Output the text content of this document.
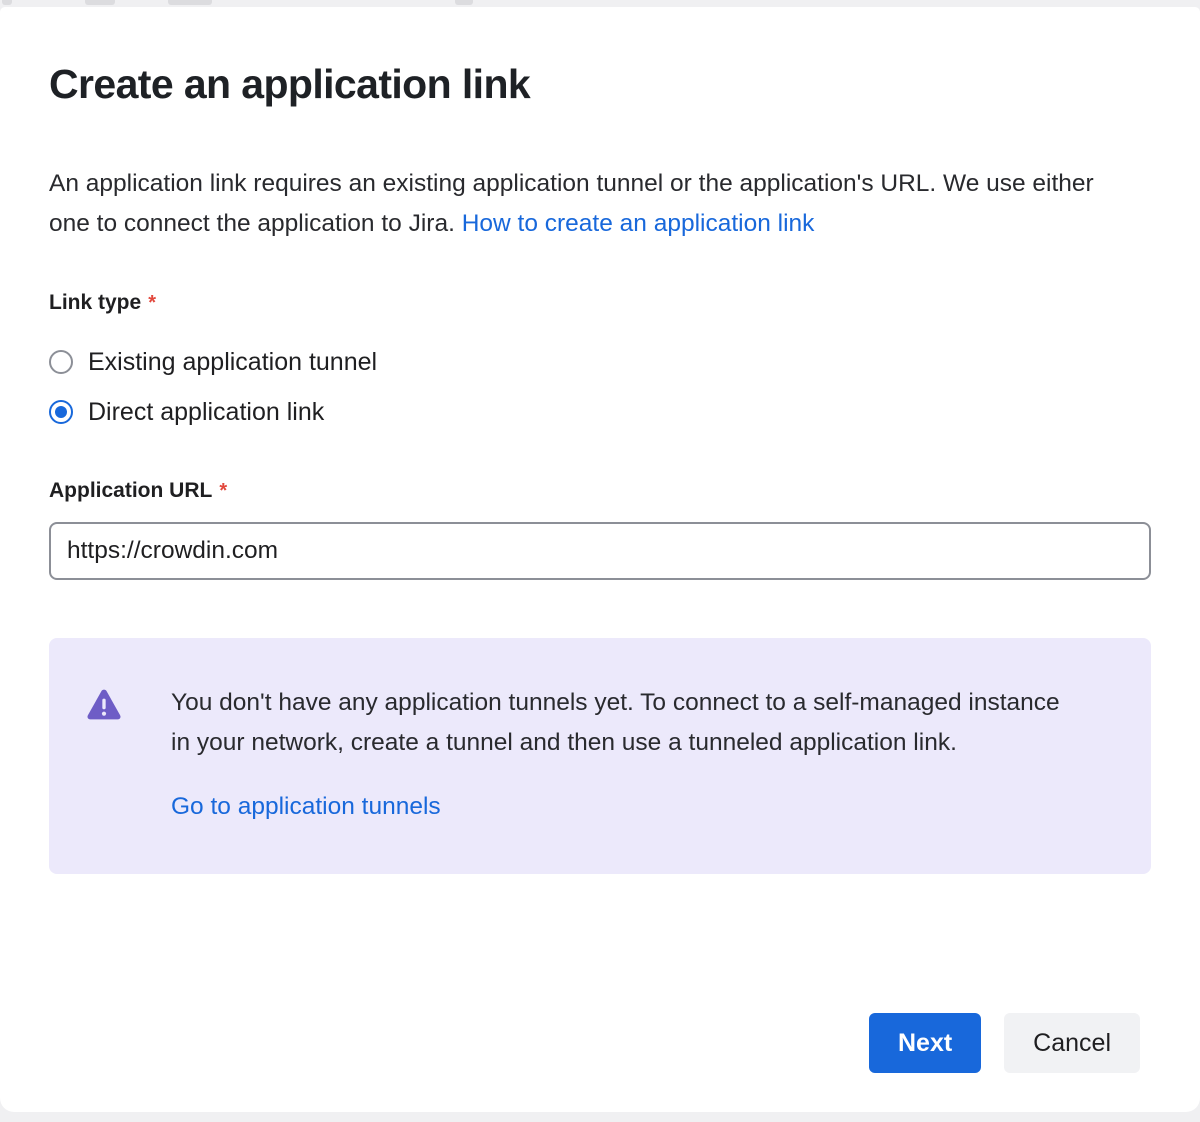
Create an application link

An application link requires an existing application tunnel or the application's URL. We use either one to connect the application to Jira. How to create an application link

Link type *
Existing application tunnel
Direct application link
Application URL *
https://crowdin.com
You don't have any application tunnels yet. To connect to a self-managed instance in your network, create a tunnel and then use a tunneled application link.
Go to application tunnels
Next	Cancel
